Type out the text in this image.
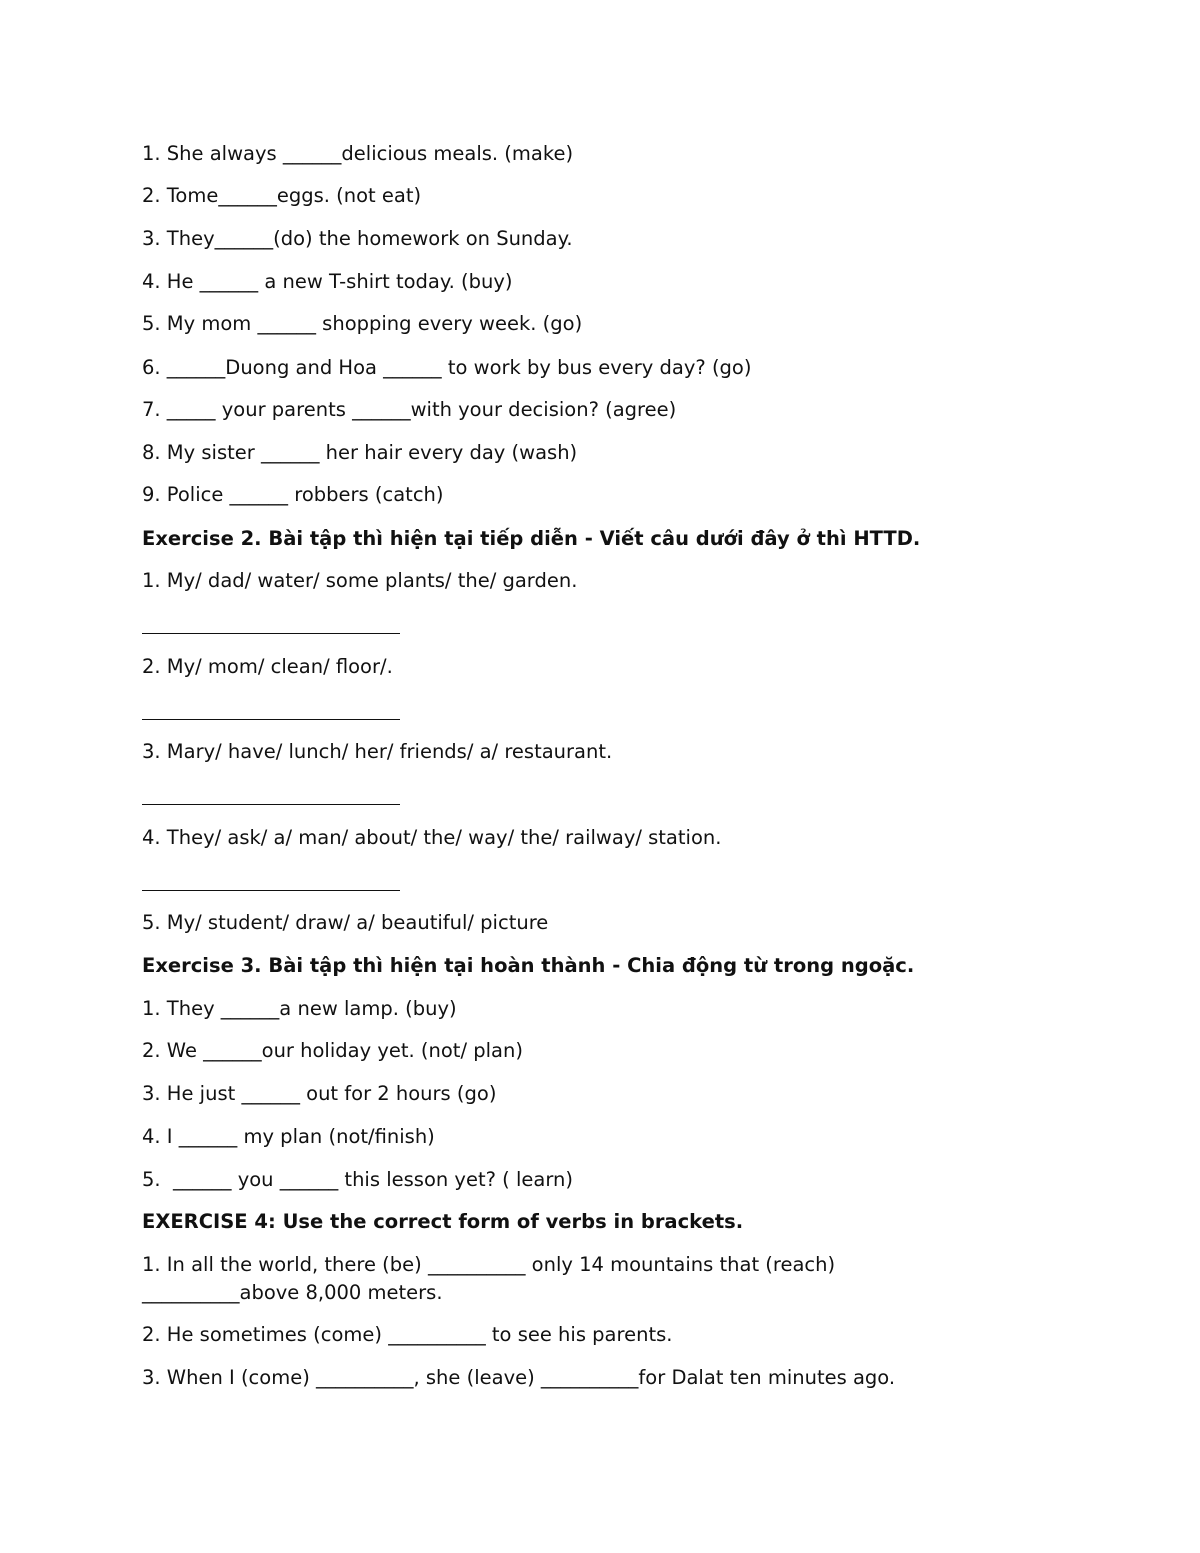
1. She always ______delicious meals. (make)
2. Tome______eggs. (not eat)
3. They______(do) the homework on Sunday.
4. He ______ a new T-shirt today. (buy)
5. My mom ______ shopping every week. (go)
6. ______Duong and Hoa ______ to work by bus every day? (go)
7. _____ your parents ______with your decision? (agree)
8. My sister ______ her hair every day (wash)
9. Police ______ robbers (catch)
Exercise 2. Bài tập thì hiện tại tiếp diễn - Viết câu dưới đây ở thì HTTD.
1. My/ dad/ water/ some plants/ the/ garden.
2. My/ mom/ clean/ floor/.
3. Mary/ have/ lunch/ her/ friends/ a/ restaurant.
4. They/ ask/ a/ man/ about/ the/ way/ the/ railway/ station.
5. My/ student/ draw/ a/ beautiful/ picture
Exercise 3. Bài tập thì hiện tại hoàn thành - Chia động từ trong ngoặc.
1. They ______a new lamp. (buy)
2. We ______our holiday yet. (not/ plan)
3. He just ______ out for 2 hours (go)
4. I ______ my plan (not/finish)
5.  ______ you ______ this lesson yet? ( learn)
EXERCISE 4: Use the correct form of verbs in brackets.
1. In all the world, there (be) __________ only 14 mountains that (reach)
__________above 8,000 meters.
2. He sometimes (come) __________ to see his parents.
3. When I (come) __________, she (leave) __________for Dalat ten minutes ago.
